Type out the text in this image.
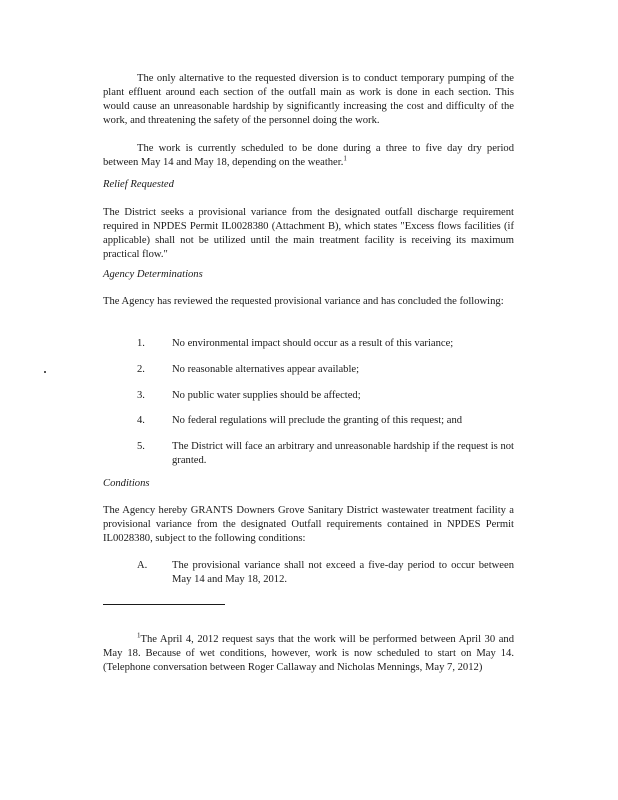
The only alternative to the requested diversion is to conduct temporary pumping of the plant effluent around each section of the outfall main as work is done in each section. This would cause an unreasonable hardship by significantly increasing the cost and difficulty of the work, and threatening the safety of the personnel doing the work.

The work is currently scheduled to be done during a three to five day dry period between May 14 and May 18, depending on the weather.$^1$

Relief Requested

The District seeks a provisional variance from the designated outfall discharge requirement required in NPDES Permit IL0028380 (Attachment B), which states "Excess flows facilities (if applicable) shall not be utilized until the main treatment facility is receiving its maximum practical flow."

Agency Determinations

The Agency has reviewed the requested provisional variance and has concluded the following:

1.	No environmental impact should occur as a result of this variance;
2.	No reasonable alternatives appear available;
3.	No public water supplies should be affected;
4.	No federal regulations will preclude the granting of this request; and
5.	The District will face an arbitrary and unreasonable hardship if the request is not granted.

Conditions

The Agency hereby GRANTS Downers Grove Sanitary District wastewater treatment facility a provisional variance from the designated Outfall requirements contained in NPDES Permit IL0028380, subject to the following conditions:

A. The provisional variance shall not exceed a five-day period to occur between May 14 and May 18, 2012.

$^1$The April 4, 2012 request says that the work will be performed between April 30 and May 18. Because of wet conditions, however, work is now scheduled to start on May 14. (Telephone conversation between Roger Callaway and Nicholas Mennings, May 7, 2012)
